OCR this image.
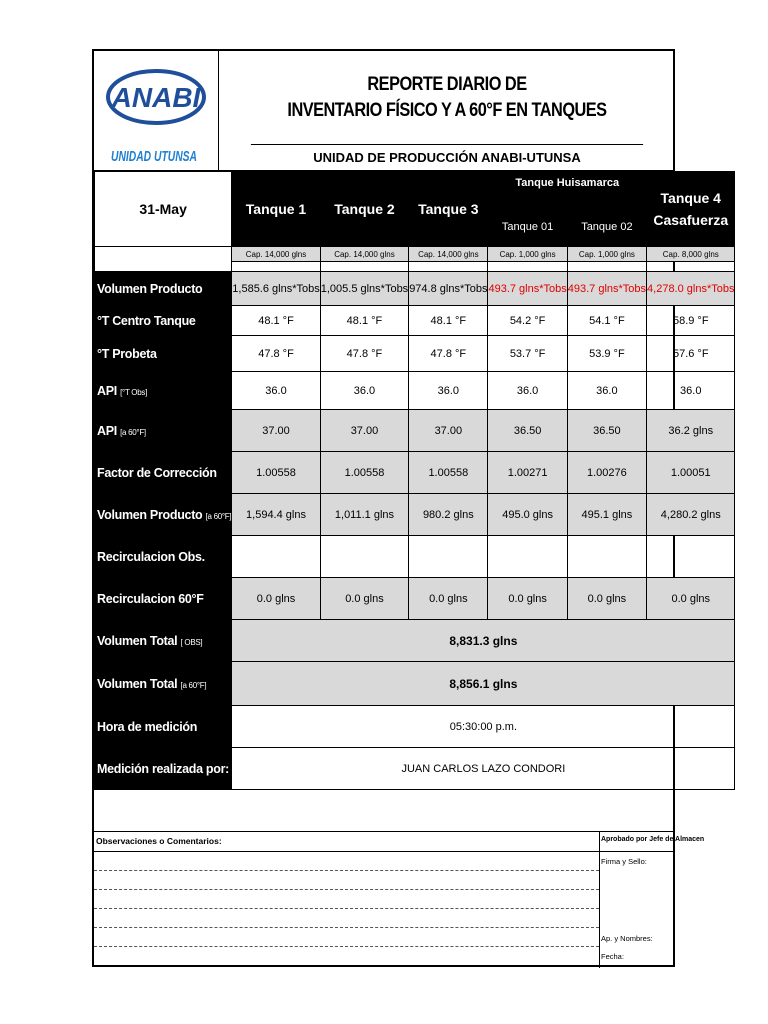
ANABI
UNIDAD UTUNSA
REPORTE DIARIO DE
INVENTARIO FÍSICO Y A 60°F EN TANQUES
UNIDAD DE PRODUCCIÓN ANABI-UTUNSA
31-May	Tanque 1	Tanque 2	Tanque 3	Tanque Huisamarca		Tanque 4
Casafuerza

				Tanque 01	Tanque 02	
	Cap. 14,000 glns	Cap. 14,000 glns	Cap. 14,000 glns	Cap. 1,000 glns	Cap. 1,000 glns	Cap. 8,000 glns

Volumen Producto	1,585.6 glns*Tobs	1,005.5 glns*Tobs	974.8 glns*Tobs	493.7 glns*Tobs	493.7 glns*Tobs	4,278.0 glns*Tobs
°T Centro Tanque	48.1 °F	48.1 °F	48.1 °F	54.2 °F	54.1 °F	58.9 °F
°T Probeta	47.8 °F	47.8 °F	47.8 °F	53.7 °F	53.9 °F	57.6 °F
API [°T Obs]	36.0	36.0	36.0	36.0	36.0	36.0
API [a 60°F]	37.00	37.00	37.00	36.50	36.50	36.2 glns
Factor de Corrección	1.00558	1.00558	1.00558	1.00271	1.00276	1.00051
Volumen Producto [a 60°F]	1,594.4 glns	1,011.1 glns	980.2 glns	495.0 glns	495.1 glns	4,280.2 glns
Recirculacion Obs.						
Recirculacion 60°F	0.0 glns	0.0 glns	0.0 glns	0.0 glns	0.0 glns	0.0 glns
Volumen Total [ OBS]	8,831.3 glns					
Volumen Total [a 60°F]	8,856.1 glns					
Hora de medición	05:30:00 p.m.					
Medición realizada por:	JUAN CARLOS LAZO CONDORI					
Observaciones o Comentarios:	Aprobado por Jefe de Almacen
Firma y Sello:
Ap. y Nombres:
Fecha:
